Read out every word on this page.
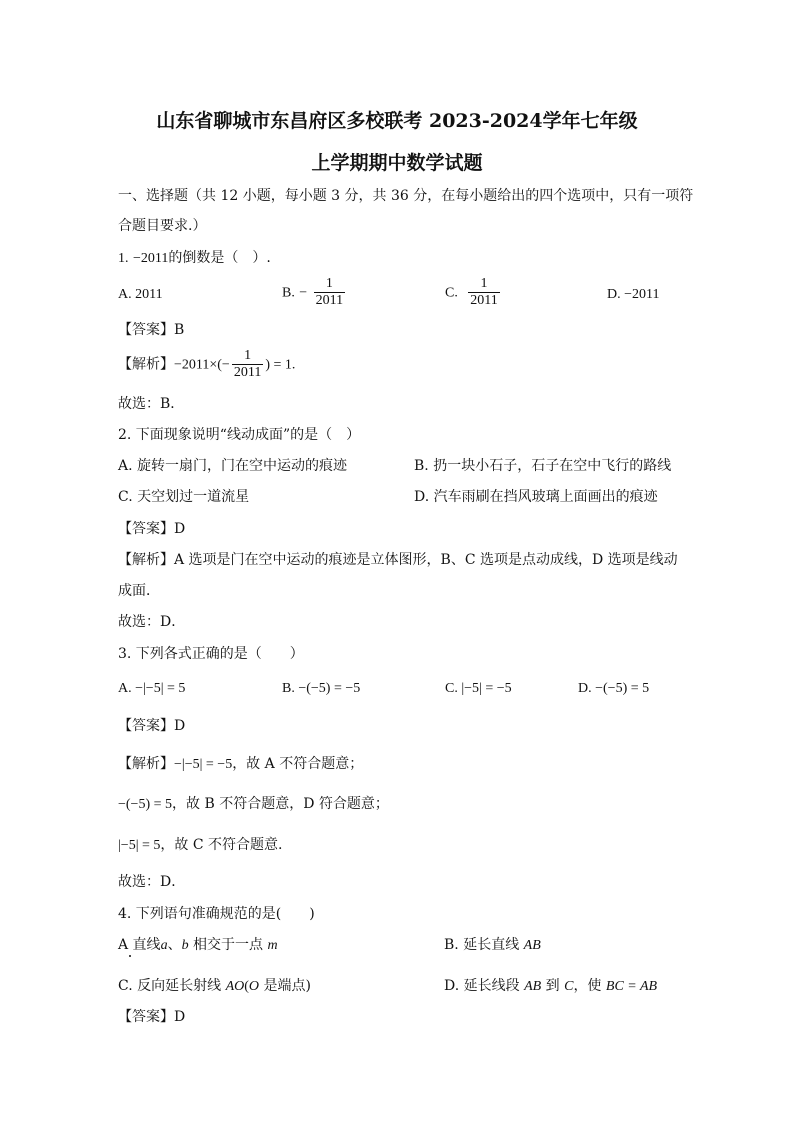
山东省聊城市东昌府区多校联考 2023-2024学年七年级
上学期期中数学试题
一、选择题（共 12 小题，每小题 3 分，共 36 分，在每小题给出的四个选项中，只有一项符
合题目要求.）
1. −2011的倒数是（　）.
A. 2011	B. − $\frac{1}{2011}$	C. $\frac{1}{2011}$	D. −2011
【答案】B
【解析】$-2011\times(- \frac{1}{2011}$ ) = 1.
故选：B．
2. 下面现象说明“线动成面”的是（　）
A. 旋转一扇门，门在空中运动的痕迹	B. 扔一块小石子，石子在空中飞行的路线
C. 天空划过一道流星	D. 汽车雨刷在挡风玻璃上面画出的痕迹
【答案】D
【解析】A 选项是门在空中运动的痕迹是立体图形，B、C 选项是点动成线，D 选项是线动
成面．
故选：D．
3. 下列各式正确的是（　　）
A. −|−5| = 5	B. −(−5) = −5	C. |−5| = −5	D. −(−5) = 5
【答案】D
【解析】−|−5| = −5，故 A 不符合题意；
−(−5) = 5，故 B 不符合题意，D 符合题意；
|−5| = 5，故 C 不符合题意.
故选：D．
4. 下列语句准确规范的是(　　)
A 直线a、b 相交于一点 m	B. 延长直线 AB
C. 反向延长射线 AO(O 是端点)	D. 延长线段 AB 到 C，使 BC = AB
【答案】D
